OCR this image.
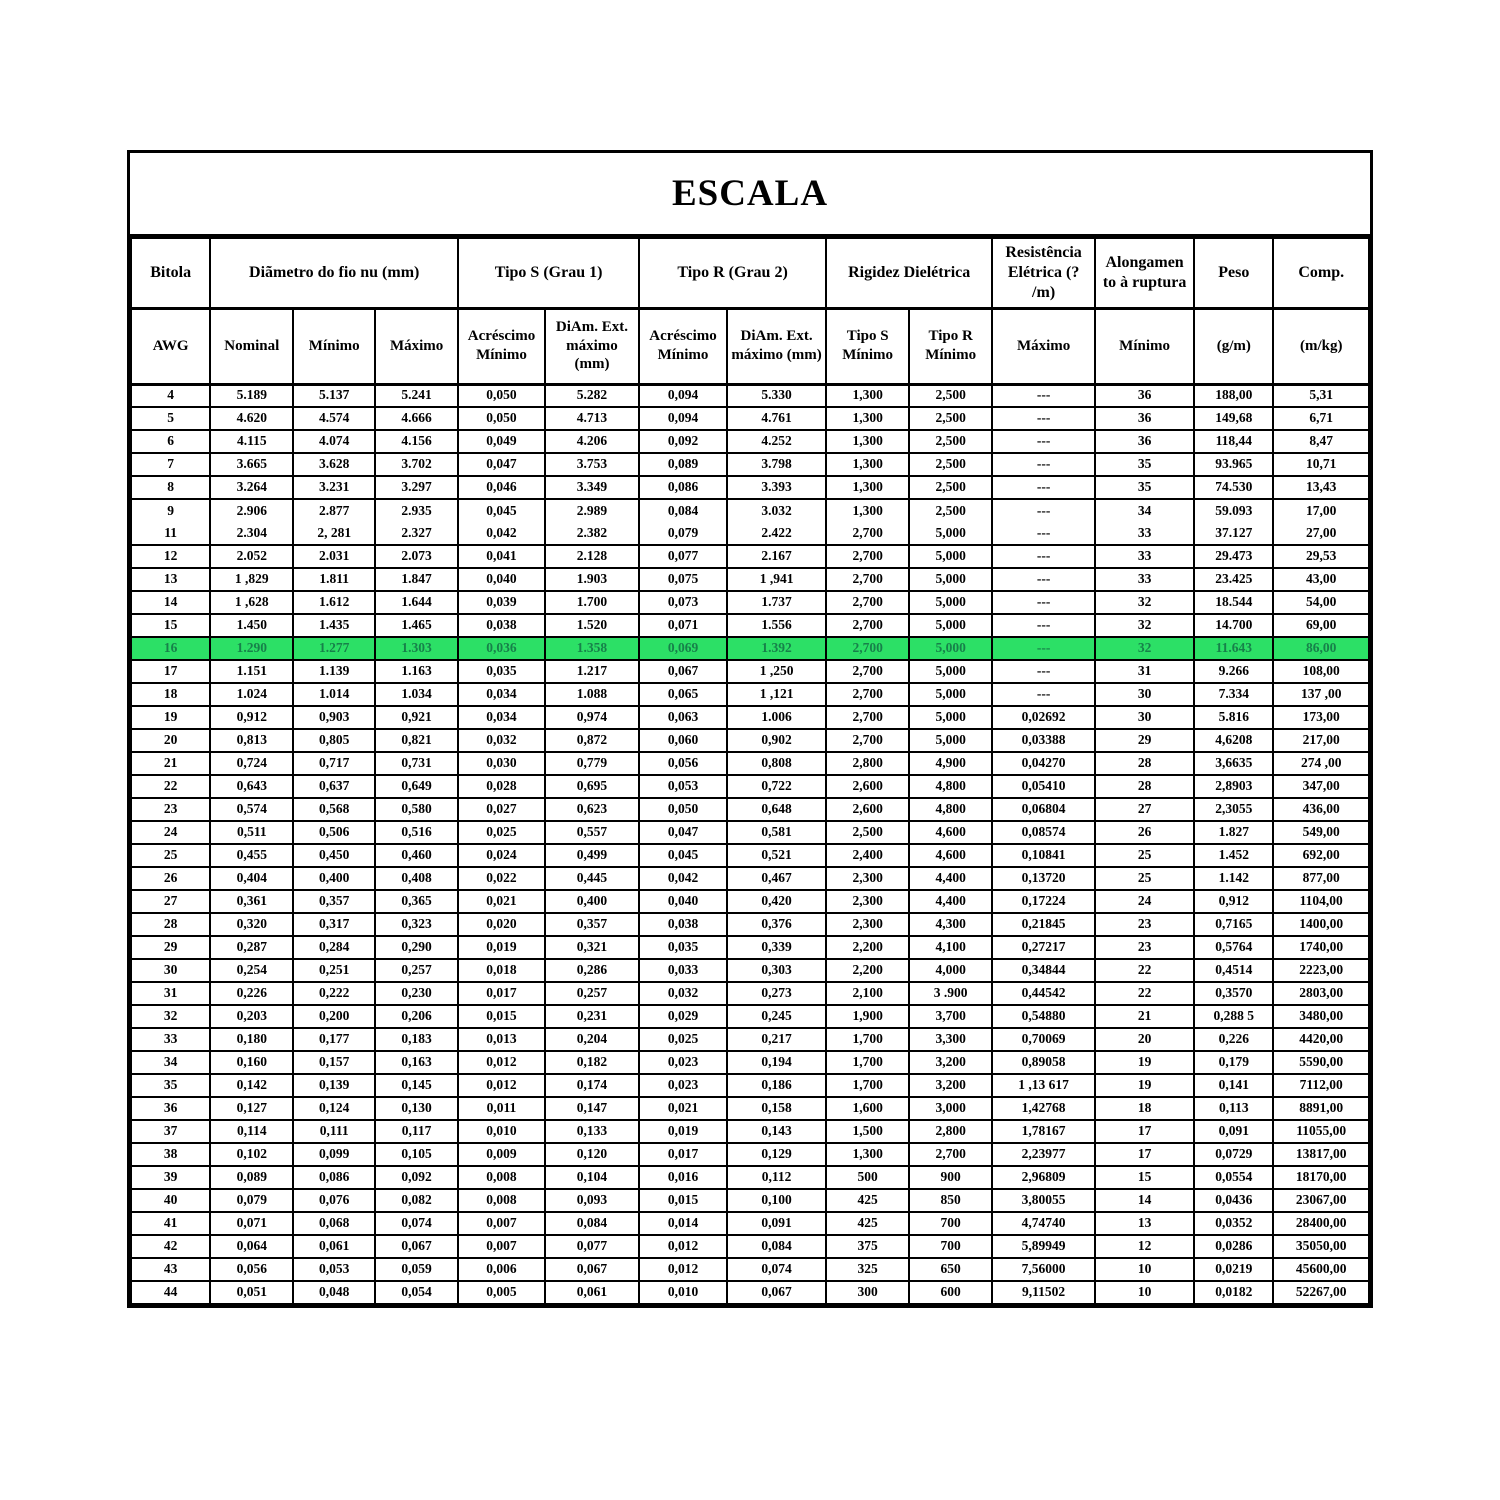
ESCALA
Bitola	Diãmetro do fio nu (mm)			Tipo S (Grau 1)		Tipo R (Grau 2)		Rigidez Dielétrica		Resistência Elétrica (? /m)	Alongamen to à ruptura	Peso	Comp.
AWG	Nominal	Mínimo	Máximo	Acréscimo Mínimo	DiAm. Ext. máximo (mm)	Acréscimo Mínimo	DiAm. Ext. máximo (mm)	Tipo S Mínimo	Tipo R Mínimo	Máximo	Mínimo	(g/m)	(m/kg)
4	5.189	5.137	5.241	0,050	5.282	0,094	5.330	1,300	2,500	---	36	188,00	5,31
5	4.620	4.574	4.666	0,050	4.713	0,094	4.761	1,300	2,500	---	36	149,68	6,71
6	4.115	4.074	4.156	0,049	4.206	0,092	4.252	1,300	2,500	---	36	118,44	8,47
7	3.665	3.628	3.702	0,047	3.753	0,089	3.798	1,300	2,500	---	35	93.965	10,71
8	3.264	3.231	3.297	0,046	3.349	0,086	3.393	1,300	2,500	---	35	74.530	13,43
9	2.906	2.877	2.935	0,045	2.989	0,084	3.032	1,300	2,500	---	34	59.093	17,00
11	2.304	2, 281	2.327	0,042	2.382	0,079	2.422	2,700	5,000	---	33	37.127	27,00
12	2.052	2.031	2.073	0,041	2.128	0,077	2.167	2,700	5,000	---	33	29.473	29,53
13	1 ,829	1.811	1.847	0,040	1.903	0,075	1 ,941	2,700	5,000	---	33	23.425	43,00
14	1 ,628	1.612	1.644	0,039	1.700	0,073	1.737	2,700	5,000	---	32	18.544	54,00
15	1.450	1.435	1.465	0,038	1.520	0,071	1.556	2,700	5,000	---	32	14.700	69,00
16	1.290	1.277	1.303	0,036	1.358	0,069	1.392	2,700	5,000	---	32	11.643	86,00
17	1.151	1.139	1.163	0,035	1.217	0,067	1 ,250	2,700	5,000	---	31	9.266	108,00
18	1.024	1.014	1.034	0,034	1.088	0,065	1 ,121	2,700	5,000	---	30	7.334	137 ,00
19	0,912	0,903	0,921	0,034	0,974	0,063	1.006	2,700	5,000	0,02692	30	5.816	173,00
20	0,813	0,805	0,821	0,032	0,872	0,060	0,902	2,700	5,000	0,03388	29	4,6208	217,00
21	0,724	0,717	0,731	0,030	0,779	0,056	0,808	2,800	4,900	0,04270	28	3,6635	274 ,00
22	0,643	0,637	0,649	0,028	0,695	0,053	0,722	2,600	4,800	0,05410	28	2,8903	347,00
23	0,574	0,568	0,580	0,027	0,623	0,050	0,648	2,600	4,800	0,06804	27	2,3055	436,00
24	0,511	0,506	0,516	0,025	0,557	0,047	0,581	2,500	4,600	0,08574	26	1.827	549,00
25	0,455	0,450	0,460	0,024	0,499	0,045	0,521	2,400	4,600	0,10841	25	1.452	692,00
26	0,404	0,400	0,408	0,022	0,445	0,042	0,467	2,300	4,400	0,13720	25	1.142	877,00
27	0,361	0,357	0,365	0,021	0,400	0,040	0,420	2,300	4,400	0,17224	24	0,912	1104,00
28	0,320	0,317	0,323	0,020	0,357	0,038	0,376	2,300	4,300	0,21845	23	0,7165	1400,00
29	0,287	0,284	0,290	0,019	0,321	0,035	0,339	2,200	4,100	0,27217	23	0,5764	1740,00
30	0,254	0,251	0,257	0,018	0,286	0,033	0,303	2,200	4,000	0,34844	22	0,4514	2223,00
31	0,226	0,222	0,230	0,017	0,257	0,032	0,273	2,100	3 .900	0,44542	22	0,3570	2803,00
32	0,203	0,200	0,206	0,015	0,231	0,029	0,245	1,900	3,700	0,54880	21	0,288 5	3480,00
33	0,180	0,177	0,183	0,013	0,204	0,025	0,217	1,700	3,300	0,70069	20	0,226	4420,00
34	0,160	0,157	0,163	0,012	0,182	0,023	0,194	1,700	3,200	0,89058	19	0,179	5590,00
35	0,142	0,139	0,145	0,012	0,174	0,023	0,186	1,700	3,200	1 ,13 617	19	0,141	7112,00
36	0,127	0,124	0,130	0,011	0,147	0,021	0,158	1,600	3,000	1,42768	18	0,113	8891,00
37	0,114	0,111	0,117	0,010	0,133	0,019	0,143	1,500	2,800	1,78167	17	0,091	11055,00
38	0,102	0,099	0,105	0,009	0,120	0,017	0,129	1,300	2,700	2,23977	17	0,0729	13817,00
39	0,089	0,086	0,092	0,008	0,104	0,016	0,112	500	900	2,96809	15	0,0554	18170,00
40	0,079	0,076	0,082	0,008	0,093	0,015	0,100	425	850	3,80055	14	0,0436	23067,00
41	0,071	0,068	0,074	0,007	0,084	0,014	0,091	425	700	4,74740	13	0,0352	28400,00
42	0,064	0,061	0,067	0,007	0,077	0,012	0,084	375	700	5,89949	12	0,0286	35050,00
43	0,056	0,053	0,059	0,006	0,067	0,012	0,074	325	650	7,56000	10	0,0219	45600,00
44	0,051	0,048	0,054	0,005	0,061	0,010	0,067	300	600	9,11502	10	0,0182	52267,00
